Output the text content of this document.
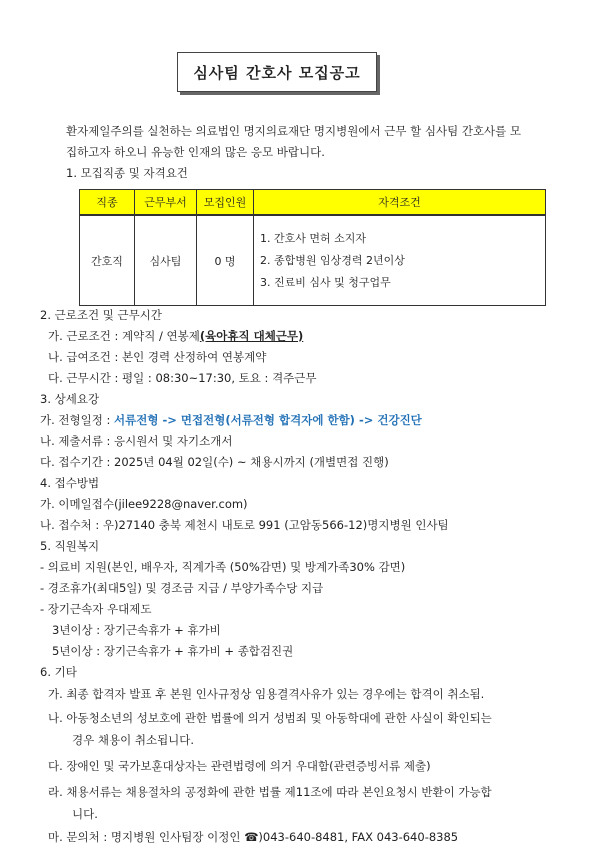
심사팀 간호사 모집공고

환자제일주의를 실천하는 의료법인 명지의료재단 명지병원에서 근무 할 심사팀 간호사를 모

집하고자 하오니 유능한 인재의 많은 응모 바랍니다.

1. 모집직종 및 자격요건

직종	근무부서	모집인원	자격조건
간호직	심사팀	0 명	1. 간호사 면허 소지자
2. 종합병원 임상경력 2년이상
3. 진료비 심사 및 청구업무
2. 근로조건 및 근무시간
가. 근로조건 : 계약직 / 연봉제(육아휴직 대체근무)
나. 급여조건 : 본인 경력 산정하여 연봉계약
다. 근무시간 : 평일 : 08:30~17:30, 토요 : 격주근무
3. 상세요강
가. 전형일정 : 서류전형 -> 면접전형(서류전형 합격자에 한함) -> 건강진단
나. 제출서류 : 응시원서 및 자기소개서
다. 접수기간 : 2025년 04월 02일(수) ~ 채용시까지 (개별면접 진행)
4. 접수방법
가. 이메일접수(jilee9228@naver.com)
나. 접수처 : 우)27140 충북 제천시 내토로 991 (고암동566-12)명지병원 인사팀
5. 직원복지
- 의료비 지원(본인, 배우자, 직계가족 (50%감면) 및 방계가족30% 감면)
- 경조휴가(최대5일) 및 경조금 지급 / 부양가족수당 지급
- 장기근속자 우대제도
3년이상 : 장기근속휴가 + 휴가비
5년이상 : 장기근속휴가 + 휴가비 + 종합검진권
6. 기타
가. 최종 합격자 발표 후 본원 인사규정상 임용결격사유가 있는 경우에는 합격이 취소됨.
나. 아동청소년의 성보호에 관한 법률에 의거 성범죄 및 아동학대에 관한 사실이 확인되는
경우 채용이 취소됩니다.
다. 장애인 및 국가보훈대상자는 관련법령에 의거 우대함(관련증빙서류 제출)
라. 채용서류는 채용절차의 공정화에 관한 법률 제11조에 따라 본인요청시 반환이 가능합
니다.
마. 문의처 : 명지병원 인사팀장 이정인 ☎)043-640-8481, FAX 043-640-8385
